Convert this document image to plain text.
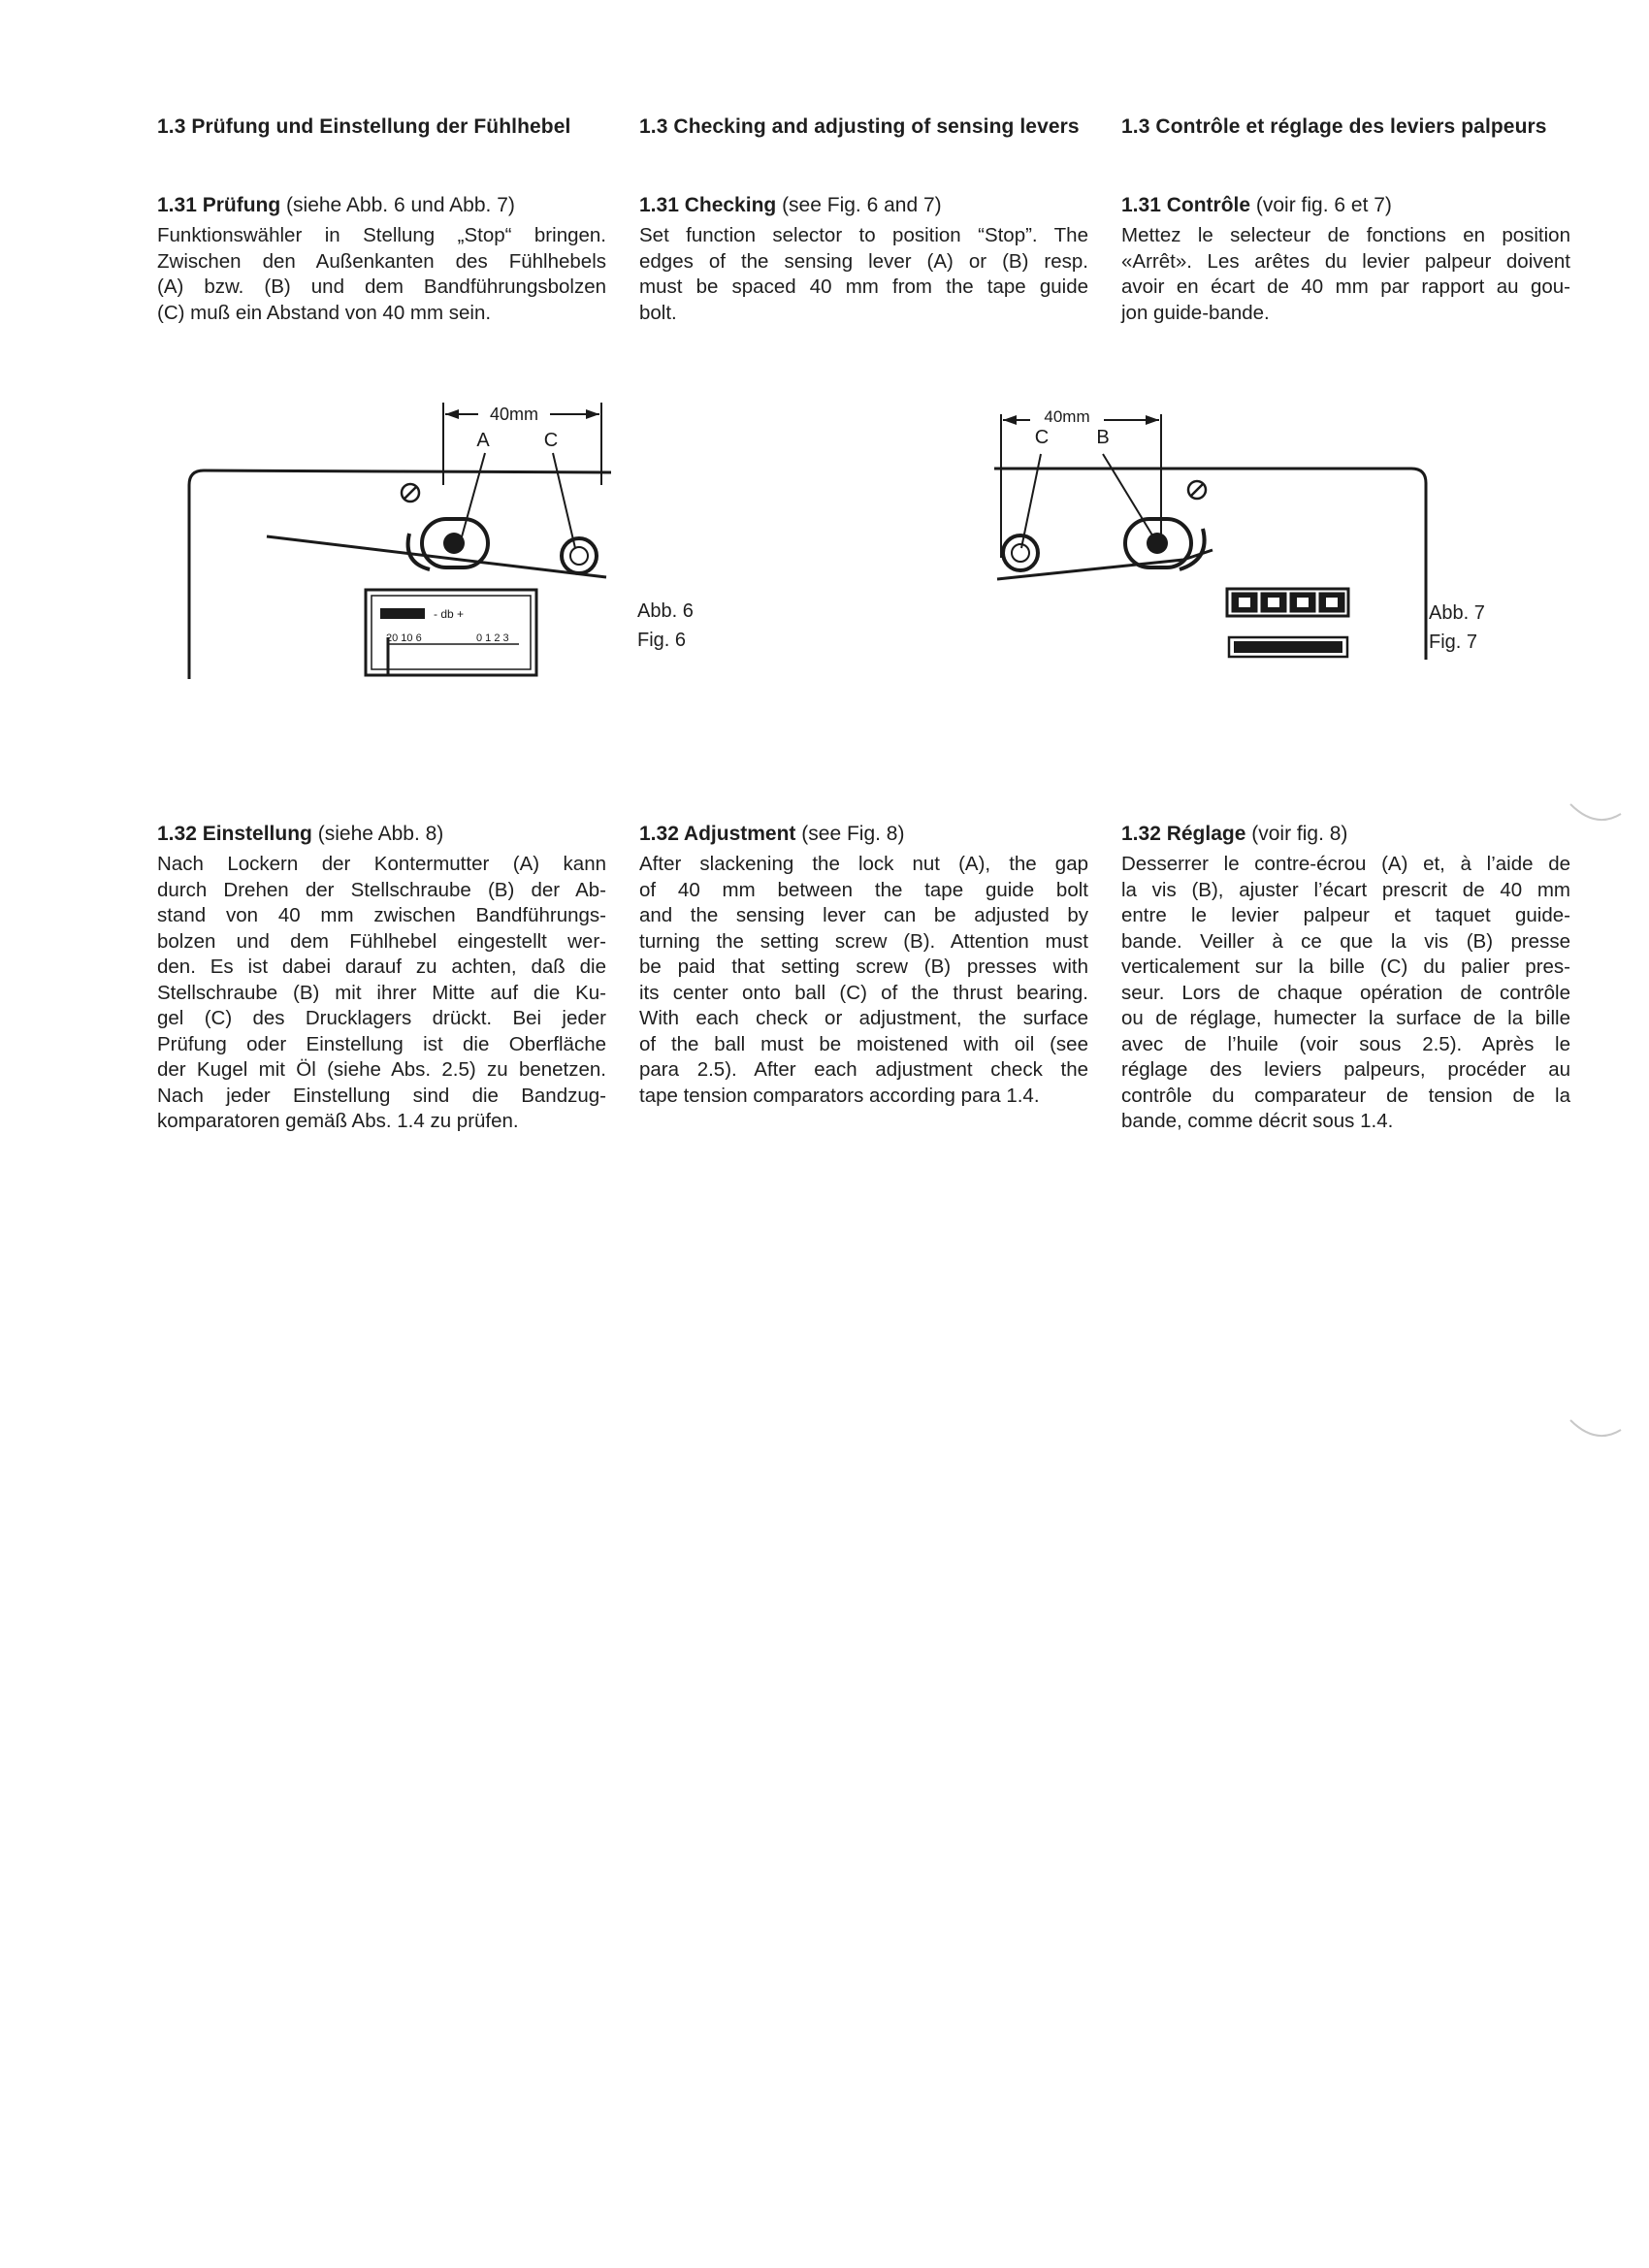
1.3 Prüfung und Einstellung der Fühlhebel	1.3 Checking and adjusting of sensing levers 1.3 Contrôle et réglage des leviers palpeurs

1.31 Prüfung (siehe Abb. 6 und Abb. 7)

Funktionswähler in Stellung „Stop“ bringen.
Zwischen den Außenkanten des Fühlhebels
(A) bzw. (B) und dem Bandführungsbolzen
(C) muß ein Abstand von 40 mm sein.

1.31 Checking (see Fig. 6 and 7)

Set function selector to position “Stop”. The
edges of the sensing lever (A) or (B) resp.
must be spaced 40 mm from the tape guide
bolt.

1.31 Contrôle (voir fig. 6 et 7)

Mettez le selecteur de fonctions en position
«Arrêt». Les arêtes du levier palpeur doivent
avoir en écart de 40 mm par rapport au gou-
jon guide-bande.

40mm
A	C
- db +
20 10 6	0 1 2 3
Abb. 6
Fig. 6
40mm
C B
Abb. 7
Fig. 7

1.32 Einstellung (siehe Abb. 8)

Nach Lockern der Kontermutter (A) kann
durch Drehen der Stellschraube (B) der Ab-
stand von 40 mm zwischen Bandführungs-
bolzen und dem Fühlhebel eingestellt wer-
den. Es ist dabei darauf zu achten, daß die
Stellschraube (B) mit ihrer Mitte auf die Ku-
gel (C) des Drucklagers drückt. Bei jeder
Prüfung oder Einstellung ist die Oberfläche
der Kugel mit Öl (siehe Abs. 2.5) zu benetzen.
Nach jeder Einstellung sind die Bandzug-
komparatoren gemäß Abs. 1.4 zu prüfen.

1.32 Adjustment (see Fig. 8)

After slackening the lock nut (A), the gap
of 40 mm between the tape guide bolt
and the sensing lever can be adjusted by
turning the setting screw (B). Attention must
be paid that setting screw (B) presses with
its center onto ball (C) of the thrust bearing.
With each check or adjustment, the surface
of the ball must be moistened with oil (see
para 2.5). After each adjustment check the
tape tension comparators according para 1.4.

1.32 Réglage (voir fig. 8)

Desserrer le contre-écrou (A) et, à l’aide de
la vis (B), ajuster l’écart prescrit de 40 mm
entre le levier palpeur et taquet guide-
bande. Veiller à ce que la vis (B) presse
verticalement sur la bille (C) du palier pres-
seur. Lors de chaque opération de contrôle
ou de réglage, humecter la surface de la bille
avec de l’huile (voir sous 2.5). Après le
réglage des leviers palpeurs, procéder au
contrôle du comparateur de tension de la
bande, comme décrit sous 1.4.
